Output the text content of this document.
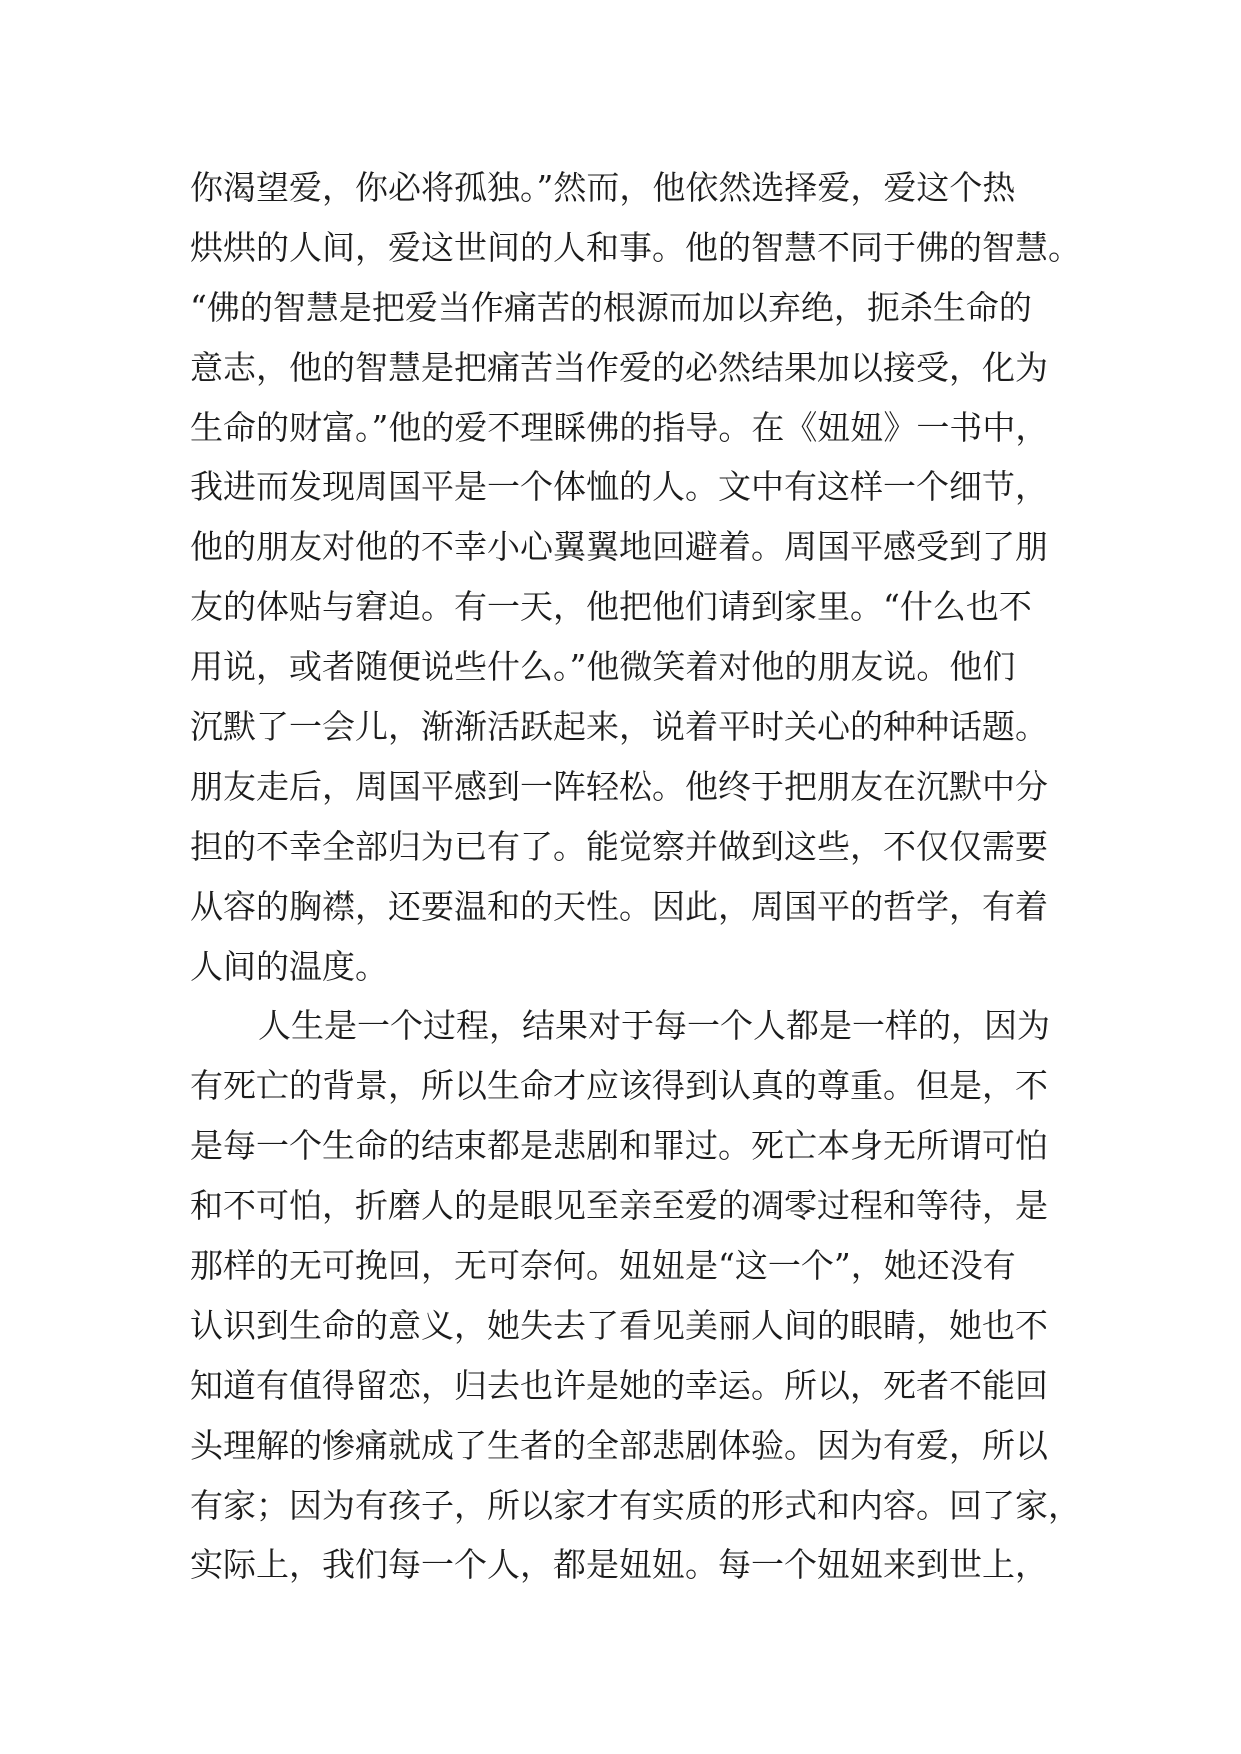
你渴望爱，你必将孤独。”然而，他依然选择爱，爱这个热
烘烘的人间，爱这世间的人和事。他的智慧不同于佛的智慧。
“佛的智慧是把爱当作痛苦的根源而加以弃绝，扼杀生命的
意志，他的智慧是把痛苦当作爱的必然结果加以接受，化为
生命的财富。”他的爱不理睬佛的指导。在《妞妞》一书中，
我进而发现周国平是一个体恤的人。文中有这样一个细节，
他的朋友对他的不幸小心翼翼地回避着。周国平感受到了朋
友的体贴与窘迫。有一天，他把他们请到家里。“什么也不
用说，或者随便说些什么。”他微笑着对他的朋友说。他们
沉默了一会儿，渐渐活跃起来，说着平时关心的种种话题。
朋友走后，周国平感到一阵轻松。他终于把朋友在沉默中分
担的不幸全部归为已有了。能觉察并做到这些，不仅仅需要
从容的胸襟，还要温和的天性。因此，周国平的哲学，有着
人间的温度。
人生是一个过程，结果对于每一个人都是一样的，因为
有死亡的背景，所以生命才应该得到认真的尊重。但是，不
是每一个生命的结束都是悲剧和罪过。死亡本身无所谓可怕
和不可怕，折磨人的是眼见至亲至爱的凋零过程和等待，是
那样的无可挽回，无可奈何。妞妞是“这一个”，她还没有
认识到生命的意义，她失去了看见美丽人间的眼睛，她也不
知道有值得留恋，归去也许是她的幸运。所以，死者不能回
头理解的惨痛就成了生者的全部悲剧体验。因为有爱，所以
有家；因为有孩子，所以家才有实质的形式和内容。回了家，
实际上，我们每一个人，都是妞妞。每一个妞妞来到世上，
